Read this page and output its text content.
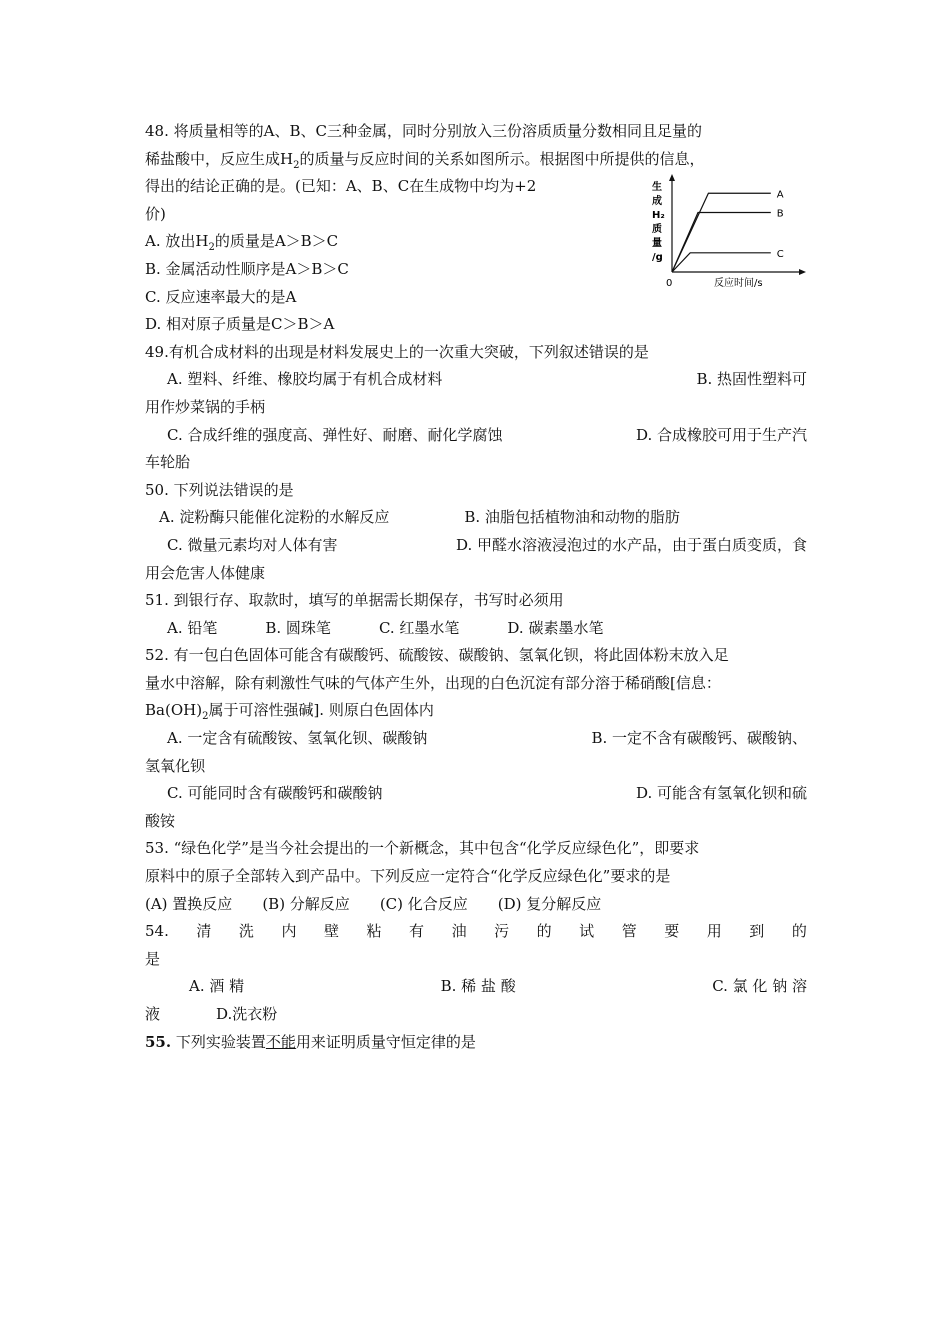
48. 将质量相等的A、B、C三种金属，同时分别放入三份溶质质量分数相同且足量的
稀盐酸中，反应生成$H_2$的质量与反应时间的关系如图所示。根据图中所提供的信息，
得出的结论正确的是。(已知：A、B、C在生成物中均为+2
价)
A. 放出$H_2$的质量是A＞B＞C
B. 金属活动性顺序是A＞B＞C
C. 反应速率最大的是A
D. 相对原子质量是C＞B＞A
49.有机合成材料的出现是材料发展史上的一次重大突破，下列叙述错误的是
A. 塑料、纤维、橡胶均属于有机合成材料	B. 热固性塑料可
用作炒菜锅的手柄
C. 合成纤维的强度高、弹性好、耐磨、耐化学腐蚀	D. 合成橡胶可用于生产汽
车轮胎
50. 下列说法错误的是
A. 淀粉酶只能催化淀粉的水解反应	B. 油脂包括植物油和动物的脂肪
C. 微量元素均对人体有害	D. 甲醛水溶液浸泡过的水产品，由于蛋白质变质，食
用会危害人体健康
51. 到银行存、取款时，填写的单据需长期保存，书写时必须用
A. 铅笔	B. 圆珠笔	C. 红墨水笔	D. 碳素墨水笔
52. 有一包白色固体可能含有碳酸钙、硫酸铵、碳酸钠、氢氧化钡，将此固体粉末放入足
量水中溶解，除有刺激性气味的气体产生外，出现的白色沉淀有部分溶于稀硝酸[信息：
$Ba(OH)_2$属于可溶性强碱]. 则原白色固体内
A. 一定含有硫酸铵、氢氧化钡、碳酸钠	B. 一定不含有碳酸钙、碳酸钠、
氢氧化钡
C. 可能同时含有碳酸钙和碳酸钠	D. 可能含有氢氧化钡和硫
酸铵
53. “绿色化学”是当今社会提出的一个新概念，其中包含“化学反应绿色化”，即要求
原料中的原子全部转入到产品中。下列反应一定符合“化学反应绿色化”要求的是
(A) 置换反应 (B) 分解反应 (C) 化合反应 (D) 复分解反应
54. 清 洗 内 壁 粘 有 油 污 的 试 管 要 用 到 的
是
A. 酒 精	B. 稀 盐 酸	C. 氯 化 钠 溶
液	D.洗衣粉
55. 下列实验装置不能用来证明质量守恒定律的是
生
成
H₂
质
量
/g
0	反应时间/s
A
B
C
